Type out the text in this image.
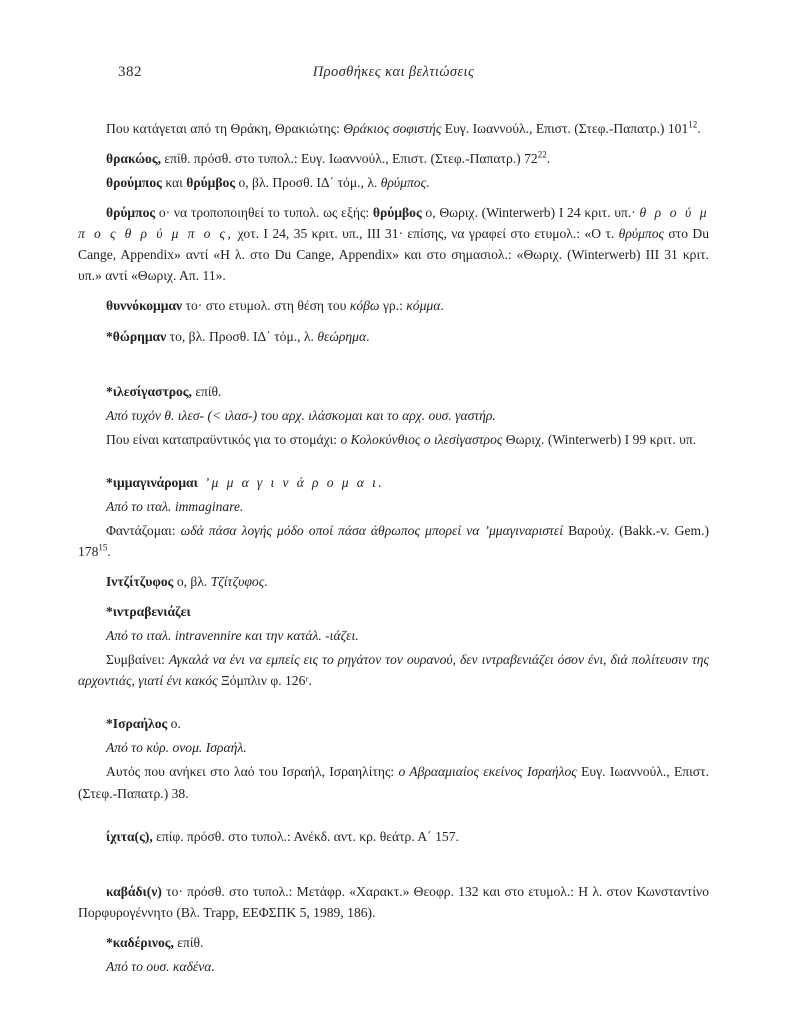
382	Προσθήκες και βελτιώσεις

Που κατάγεται από τη Θράκη, Θρακιώτης: Θράκιος σοφιστής Ευγ. Ιωαννούλ., Επιστ. (Στεφ.-Παπατρ.) $101^{12}$.

θρακώος, επίθ. πρόσθ. στο τυπολ.: Ευγ. Ιωαννούλ., Επιστ. (Στεφ.-Παπατρ.) $72^{22}$.

θρούμπος και θρύμβος ο, βλ. Προσθ. ΙΔ΄ τόμ., λ. θρύμπος.

θρύμπος ο· να τροποποιηθεί το τυπολ. ως εξής: θρύμβος ο, Θωριχ. (Winterwerb) Ι 24 κριτ. υπ.· θ ρ ο ύ μ π ο ς θ ρ ύ μ π ο ς, χοτ. Ι 24, 35 κριτ. υπ., ΙΙΙ 31· επίσης, να γραφεί στο ετυμολ.: «Ο τ. θρύμπος στο Du Cange, Appendix» αντί «Η λ. στο Du Cange, Appendix» και στο σημασιολ.: «Θωριχ. (Winterwerb) ΙΙΙ 31 κριτ. υπ.» αντί «Θωριχ. Απ. 11».

θυννόκομμαν το· στο ετυμολ. στη θέση του κόβω γρ.: κόμμα.

*θώρημαν το, βλ. Προσθ. ΙΔ΄ τόμ., λ. θεώρημα.

*ιλεσίγαστρος, επίθ.

Από τυχόν θ. ιλεσ- (< ιλασ-) του αρχ. ιλάσκομαι και το αρχ. ουσ. γαστήρ.

Που είναι καταπραϋντικός για το στομάχι: ο Κολοκύνθιος ο ιλεσίγαστρος Θωριχ. (Winterwerb) Ι 99 κριτ. υπ.

*ιμμαγινάρομαι ’μ μ α γ ι ν ά ρ ο μ α ι.

Από το ιταλ. immaginare.

Φαντάζομαι: ωδά πάσα λογής μόδο οποί πάσα άθρωπος μπορεί να ’μμαγιναριστεί Βαρούχ. (Bakk.-v. Gem.) $178^{15}$.

Ιντζίτζυφος ο, βλ. Τζίτζυφος.

*ιντραβενιάζει

Από το ιταλ. intravennire και την κατάλ. -ιάζει.

Συμβαίνει: Αγκαλά να ένι να εμπείς εις το ρηγάτον τον ουρανού, δεν ιντραβενιάζει όσον ένι, διά πολίτευσιν της αρχοντιάς, γιατί ένι κακός Ξόμπλιν φ. 126ʳ.

*Ισραήλος ο.

Από το κύρ. ονομ. Ισραήλ.

Αυτός που ανήκει στο λαό του Ισραήλ, Ισραηλίτης: ο Αβρααμιαίος εκείνος Ισραήλος Ευγ. Ιωαννούλ., Επιστ. (Στεφ.-Παπατρ.) 38.

ίχιτα(ς), επίφ. πρόσθ. στο τυπολ.: Ανέκδ. αντ. κρ. θεάτρ. Α΄ 157.

καβάδι(ν) το· πρόσθ. στο τυπολ.: Μετάφρ. «Χαρακτ.» Θεοφρ. 132 και στο ετυμολ.: Η λ. στον Κωνσταντίνο Πορφυρογέννητο (Βλ. Trapp, ΕΕΦΣΠΚ 5, 1989, 186).

*καδέρινος, επίθ.

Από το ουσ. καδένα.
